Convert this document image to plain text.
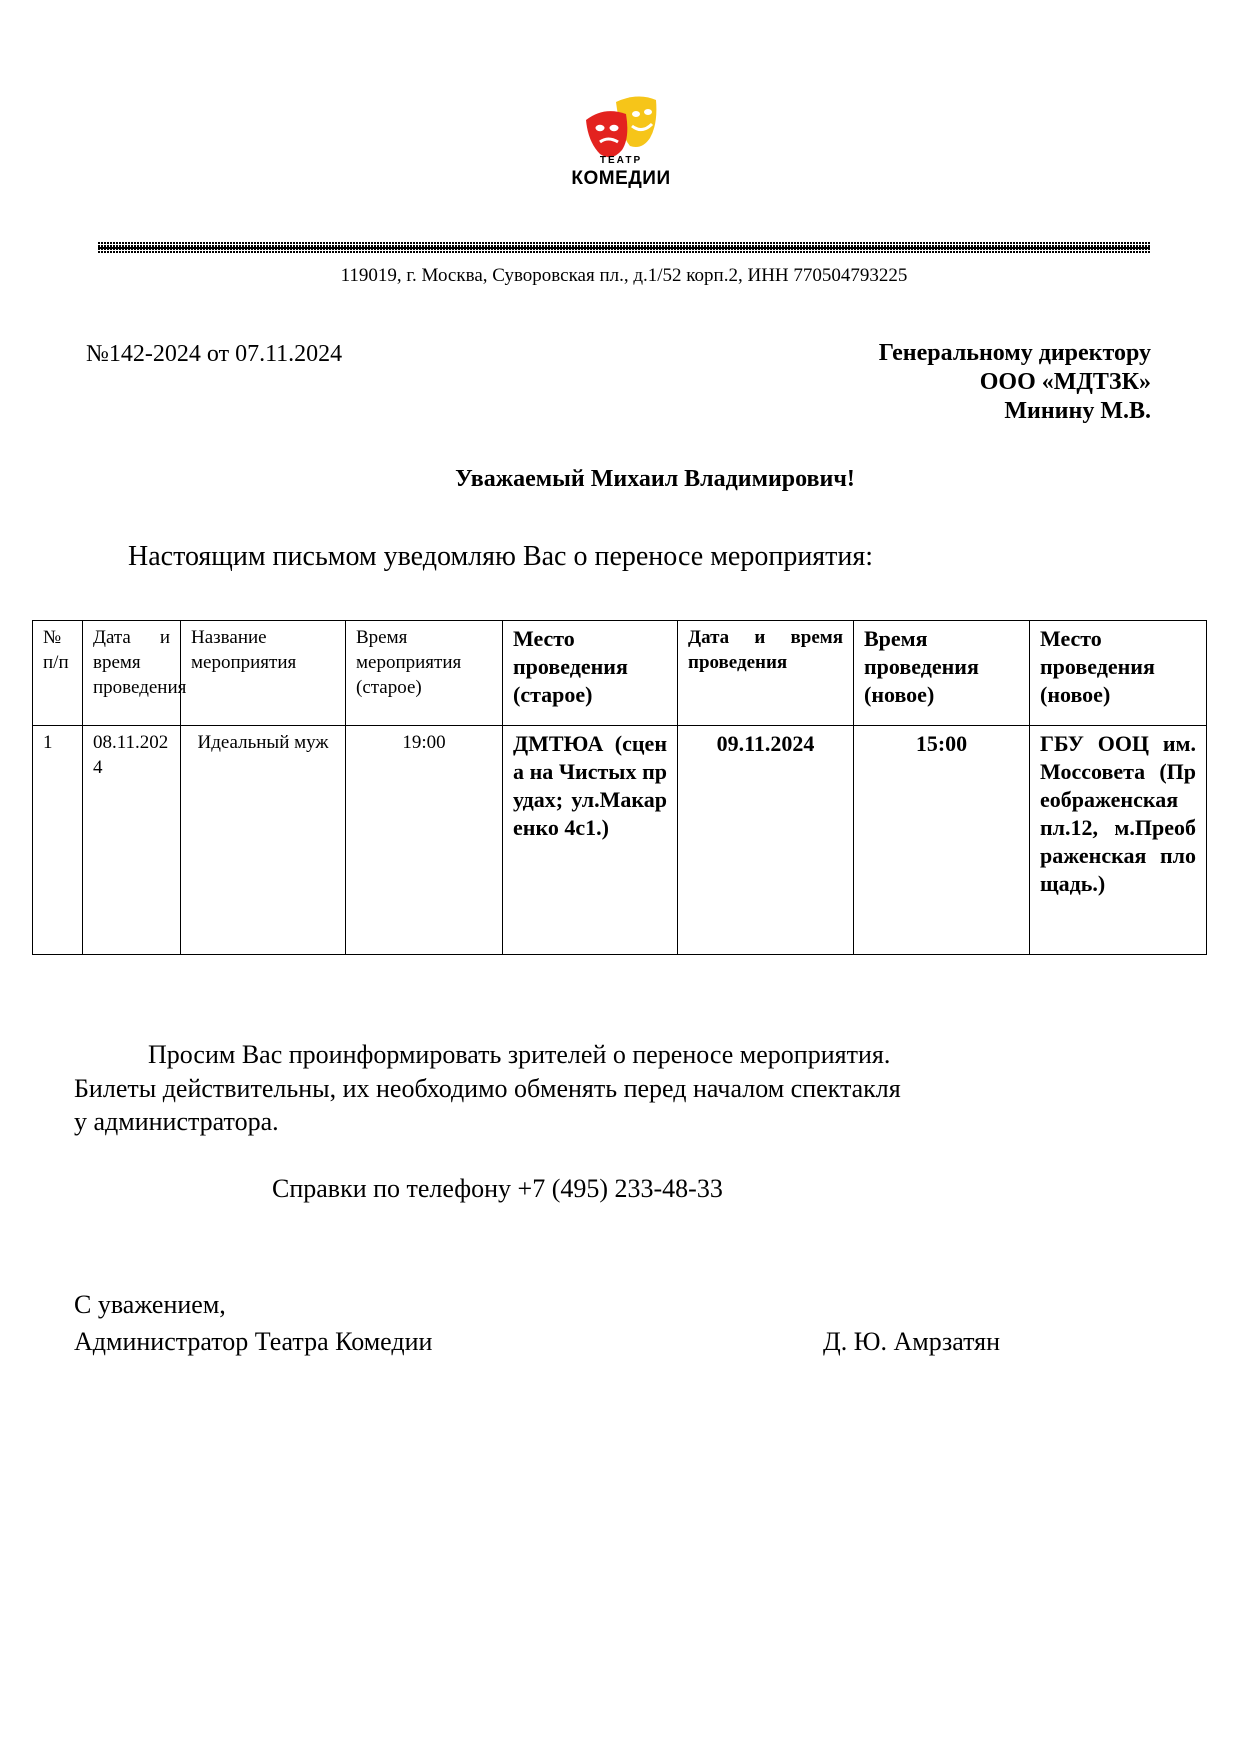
ТЕАТР
КОМЕДИИ
119019, г. Москва, Суворовская пл., д.1/52 корп.2, ИНН 770504793225
№142-2024 от 07.11.2024	Генеральному директору
ООО «МДТЗК»
Минину М.В.
Уважаемый Михаил Владимирович!
Настоящим письмом уведомляю Вас о переносе мероприятия:
№ п/п	Дата и время проведения	Название мероприятия	Время мероприятия (старое)	Место проведения (старое)	Дата и время проведения	Время проведения (новое)	Место проведения (новое)
1	08.11.2024	Идеальный муж	19:00	ДМТЮА (сцена на Чистых прудах; ул.Макаренко 4с1.)	09.11.2024	15:00	ГБУ ООЦ им.Моссовета (Преображенская пл.12, м.Преображенская площадь.)
Просим Вас проинформировать зрителей о переносе мероприятия.
Билеты действительны, их необходимо обменять перед началом спектакля
у администратора.
Справки по телефону +7 (495) 233-48-33
С уважением,
Администратор Театра Комедии	Д. Ю. Амрзатян
